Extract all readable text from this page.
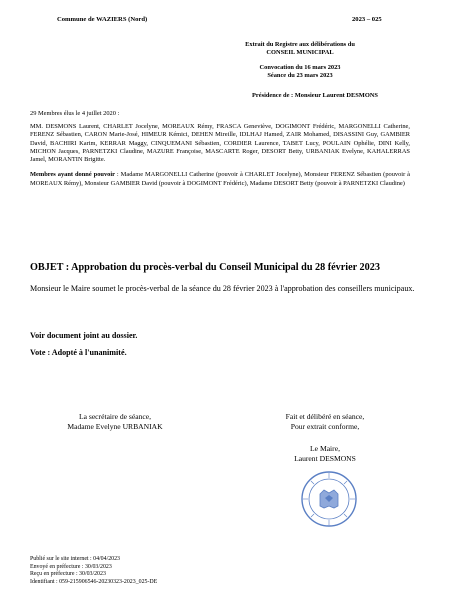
Commune de WAZIERS (Nord)	2023 – 025
Extrait du Registre aux délibérations du
CONSEIL MUNICIPAL
Convocation du 16 mars 2023
Séance du 23 mars 2023
Présidence de : Monsieur Laurent DESMONS

29 Membres élus le 4 juillet 2020 :

MM. DESMONS Laurent, CHARLET Jocelyne, MOREAUX Rémy, FRASCA Geneviève, DOGIMONT Frédéric, MARGONELLI Catherine, FERENZ Sébastien, CARON Marie-José, HIMEUR Kémici, DEHEN Mireille, IDLHAJ Hamed, ZAIR Mohamed, DISASSINI Guy, GAMBIER David, BACHIRI Karim, KERRAR Maggy, CINQUEMANI Sébastien, CORDIER Laurence, TABET Lucy, POULAIN Ophélie, DINI Kelly, MICHON Jacques, PARNETZKI Claudine, MAZURE Françoise, MASCARTE Roger, DESORT Betty, URBANIAK Evelyne, KAHALERRAS Jamel, MORANTIN Brigitte.

Membres ayant donné pouvoir : Madame MARGONELLI Catherine (pouvoir à CHARLET Jocelyne), Monsieur FERENZ Sébastien (pouvoir à MOREAUX Rémy), Monsieur GAMBIER David (pouvoir à DOGIMONT Frédéric), Madame DESORT Betty (pouvoir à PARNETZKI Claudine)

OBJET : Approbation du procès-verbal du Conseil Municipal du 28 février 2023
Monsieur le Maire soumet le procès-verbal de la séance du 28 février 2023 à l'approbation des conseillers municipaux.
Voir document joint au dossier.
Vote : Adopté à l'unanimité.
La secrétaire de séance,
Madame Evelyne URBANIAK
Fait et délibéré en séance,
Pour extrait conforme,
Le Maire,
Laurent DESMONS
Publié sur le site internet : 04/04/2023
Envoyé en préfecture : 30/03/2023
Reçu en préfecture : 30/03/2023
Identifiant : 059-215906546-20230323-2023_025-DE
